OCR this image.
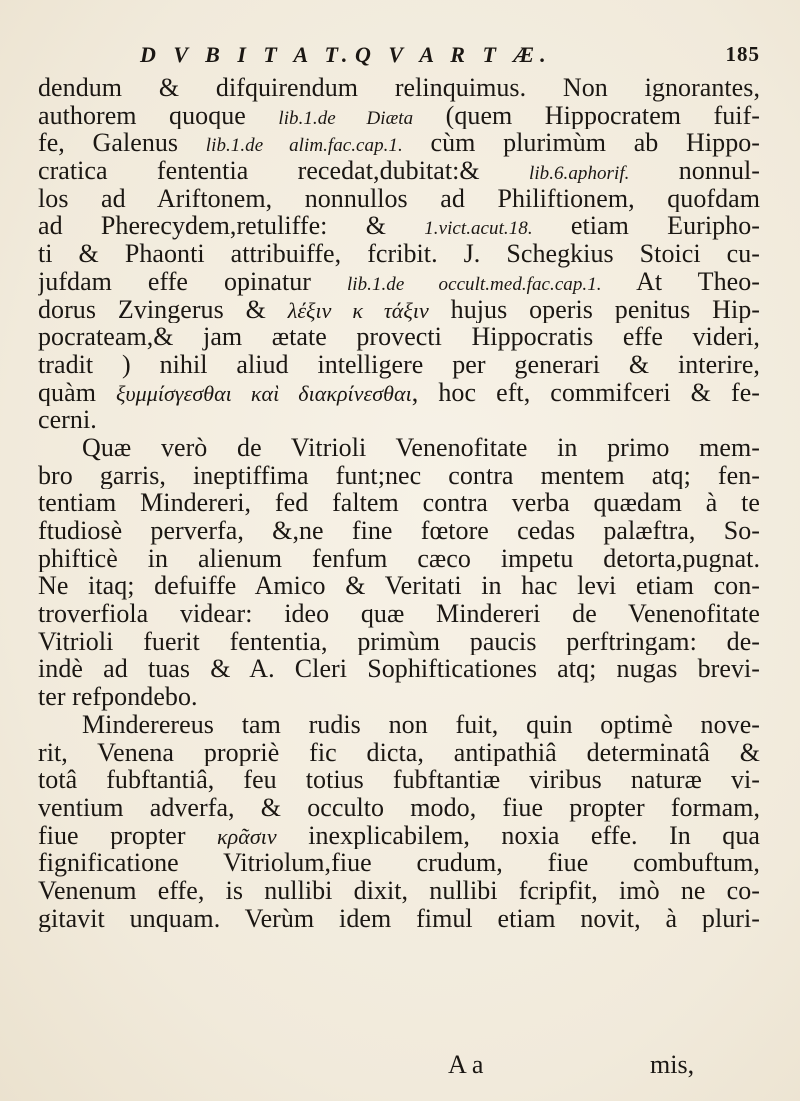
D V B I T A T. Q V A R T Æ.	185
dendum & difquirendum relinquimus. Non ignorantes,
authorem quoque lib.1.de Diæta (quem Hippocratem fuif-
fe, Galenus lib.1.de alim.fac.cap.1. cùm plurimùm ab Hippo-
cratica fententia recedat,dubitat:& lib.6.aphorif. nonnul-
los ad Ariftonem, nonnullos ad Philiftionem, quofdam
ad Pherecydem,retuliffe: & 1.vict.acut.18. etiam Euripho-
ti & Phaonti attribuiffe, fcribit. J. Schegkius Stoici cu-
jufdam effe opinatur lib.1.de occult.med.fac.cap.1. At Theo-
dorus Zvingerus & λέξιν κ τάξιν hujus operis penitus Hip-
pocrateam,& jam ætate provecti Hippocratis effe videri,
tradit ) nihil aliud intelligere per generari & interire,
quàm ξυμμίσγεσθαι καὶ διακρίνεσθαι, hoc eft, commifceri & fe-
cerni.
Quæ verò de Vitrioli Venenofitate in primo mem-
bro garris, ineptiffima funt;nec contra mentem atq; fen-
tentiam Mindereri, fed faltem contra verba quædam à te
ftudiosè perverfa, &,ne fine fœtore cedas palæftra, So-
phifticè in alienum fenfum cæco impetu detorta,pugnat.
Ne itaq; defuiffe Amico & Veritati in hac levi etiam con-
troverfiola videar: ideo quæ Mindereri de Venenofitate
Vitrioli fuerit fententia, primùm paucis perftringam: de-
indè ad tuas & A. Cleri Sophifticationes atq; nugas brevi-
ter refpondebo.
Minderereus tam rudis non fuit, quin optimè nove-
rit, Venena propriè fic dicta, antipathiâ determinatâ &
totâ fubftantiâ, feu totius fubftantiæ viribus naturæ vi-
ventium adverfa, & occulto modo, fiue propter formam,
fiue propter κρᾶσιν inexplicabilem, noxia effe. In qua
fignificatione Vitriolum,fiue crudum, fiue combuftum,
Venenum effe, is nullibi dixit, nullibi fcripfit, imò ne co-
gitavit unquam. Verùm idem fimul etiam novit, à pluri-
A a	mis,
